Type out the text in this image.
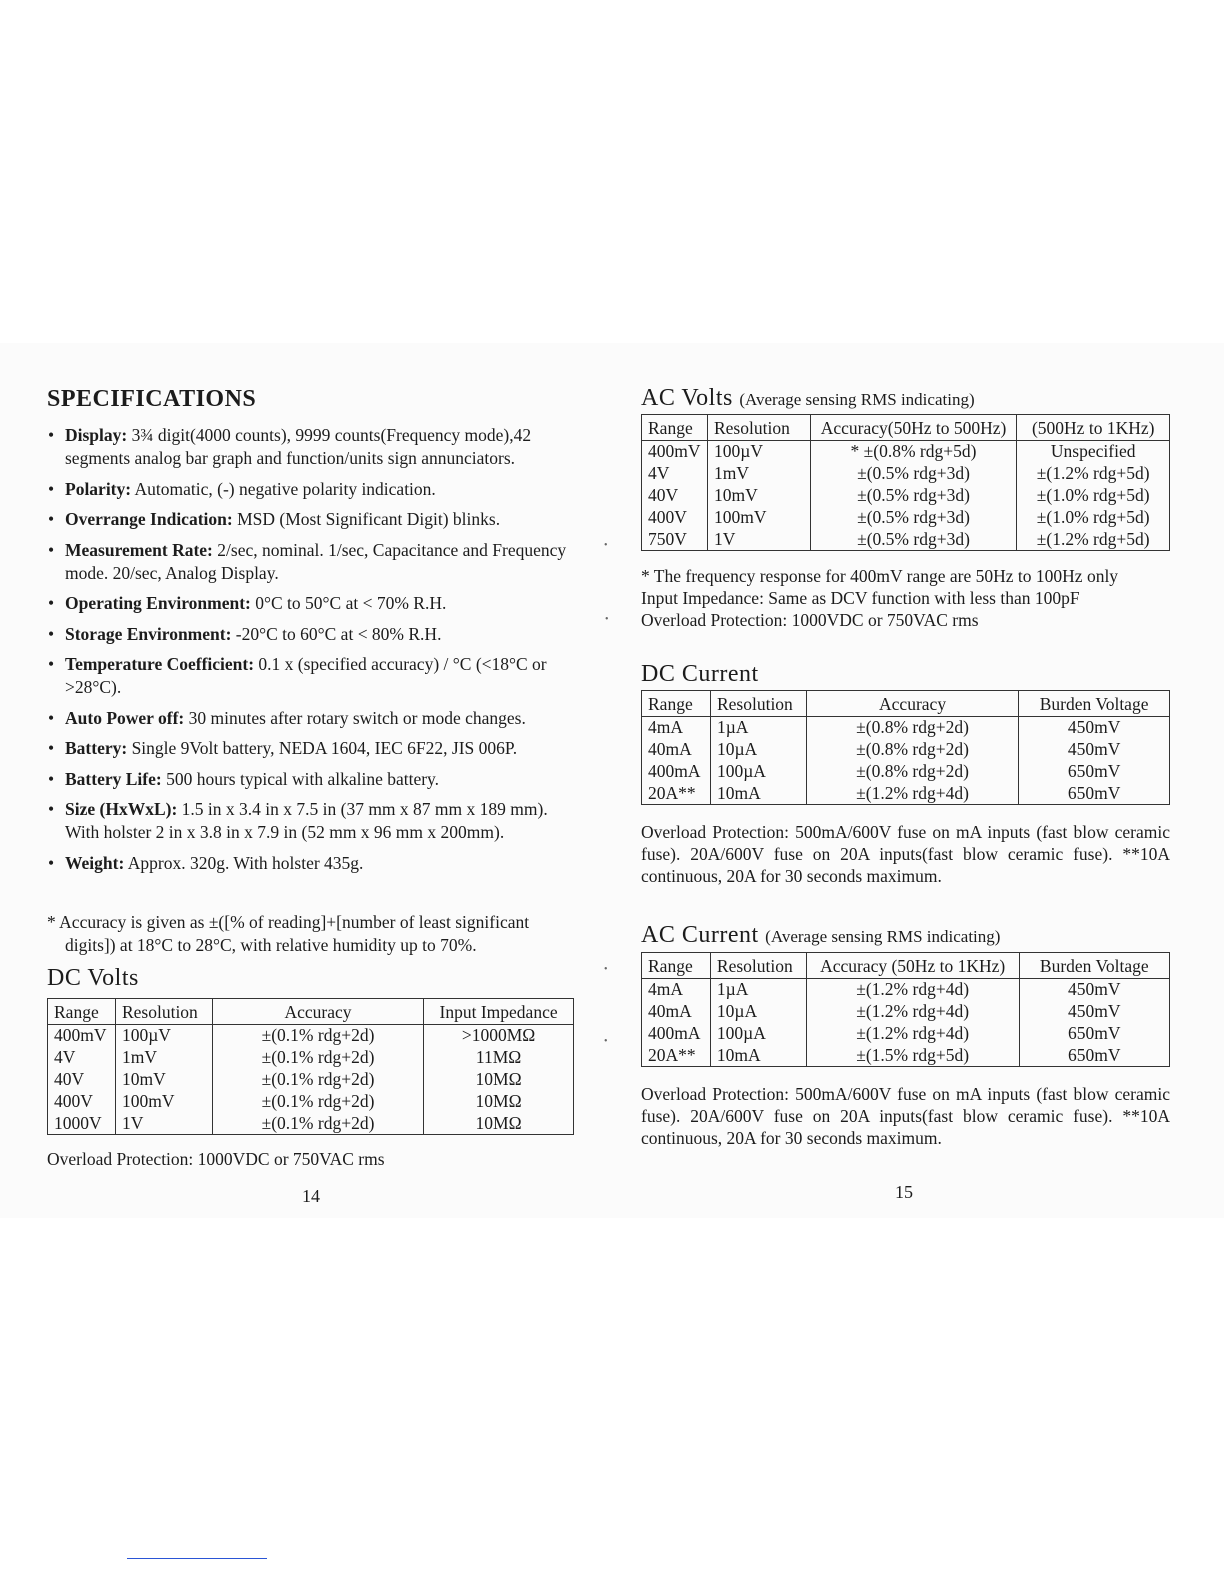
SPECIFICATIONS
• Display: 3¾ digit(4000 counts), 9999 counts(Frequency mode),42 segments analog bar graph and function/units sign annunciators.
• Polarity: Automatic, (-) negative polarity indication.
• Overrange Indication: MSD (Most Significant Digit) blinks.
• Measurement Rate: 2/sec, nominal. 1/sec, Capacitance and Frequency mode. 20/sec, Analog Display.
• Operating Environment: 0°C to 50°C at < 70% R.H.
• Storage Environment: -20°C to 60°C at < 80% R.H.
• Temperature Coefficient: 0.1 x (specified accuracy) / °C (<18°C or >28°C).
• Auto Power off: 30 minutes after rotary switch or mode changes.
• Battery: Single 9Volt battery, NEDA 1604, IEC 6F22, JIS 006P.
• Battery Life: 500 hours typical with alkaline battery.
• Size (HxWxL): 1.5 in x 3.4 in x 7.5 in (37 mm x 87 mm x 189 mm). With holster 2 in x 3.8 in x 7.9 in (52 mm x 96 mm x 200mm).
• Weight: Approx. 320g. With holster 435g.

* Accuracy is given as ±([% of reading]+[number of least significant digits]) at 18°C to 28°C, with relative humidity up to 70%.

DC Volts
Range	Resolution	Accuracy	Input Impedance
400mV	100µV	±(0.1% rdg+2d)	>1000MΩ
4V	1mV	±(0.1% rdg+2d)	11MΩ
40V	10mV	±(0.1% rdg+2d)	10MΩ
400V	100mV	±(0.1% rdg+2d)	10MΩ
1000V	1V	±(0.1% rdg+2d)	10MΩ

Overload Protection: 1000VDC or 750VAC rms

14

AC Volts (Average sensing RMS indicating)
Range	Resolution	Accuracy(50Hz to 500Hz)	(500Hz to 1KHz)
400mV	100µV	* ±(0.8% rdg+5d)	Unspecified
4V	1mV	±(0.5% rdg+3d)	±(1.2% rdg+5d)
40V	10mV	±(0.5% rdg+3d)	±(1.0% rdg+5d)
400V	100mV	±(0.5% rdg+3d)	±(1.0% rdg+5d)
750V	1V	±(0.5% rdg+3d)	±(1.2% rdg+5d)

* The frequency response for 400mV range are 50Hz to 100Hz only

Input Impedance: Same as DCV function with less than 100pF

Overload Protection: 1000VDC or 750VAC rms

DC Current
Range	Resolution	Accuracy	Burden Voltage
4mA	1µA	±(0.8% rdg+2d)	450mV
40mA	10µA	±(0.8% rdg+2d)	450mV
400mA	100µA	±(0.8% rdg+2d)	650mV
20A**	10mA	±(1.2% rdg+4d)	650mV

Overload Protection: 500mA/600V fuse on mA inputs (fast blow ceramic fuse). 20A/600V fuse on 20A inputs(fast blow ceramic fuse). **10A continuous, 20A for 30 seconds maximum.

AC Current (Average sensing RMS indicating)
Range	Resolution	Accuracy (50Hz to 1KHz)	Burden Voltage
4mA	1µA	±(1.2% rdg+4d)	450mV
40mA	10µA	±(1.2% rdg+4d)	450mV
400mA	100µA	±(1.2% rdg+4d)	650mV
20A**	10mA	±(1.5% rdg+5d)	650mV

Overload Protection: 500mA/600V fuse on mA inputs (fast blow ceramic fuse). 20A/600V fuse on 20A inputs(fast blow ceramic fuse). **10A continuous, 20A for 30 seconds maximum.

15

•
•
•
•
